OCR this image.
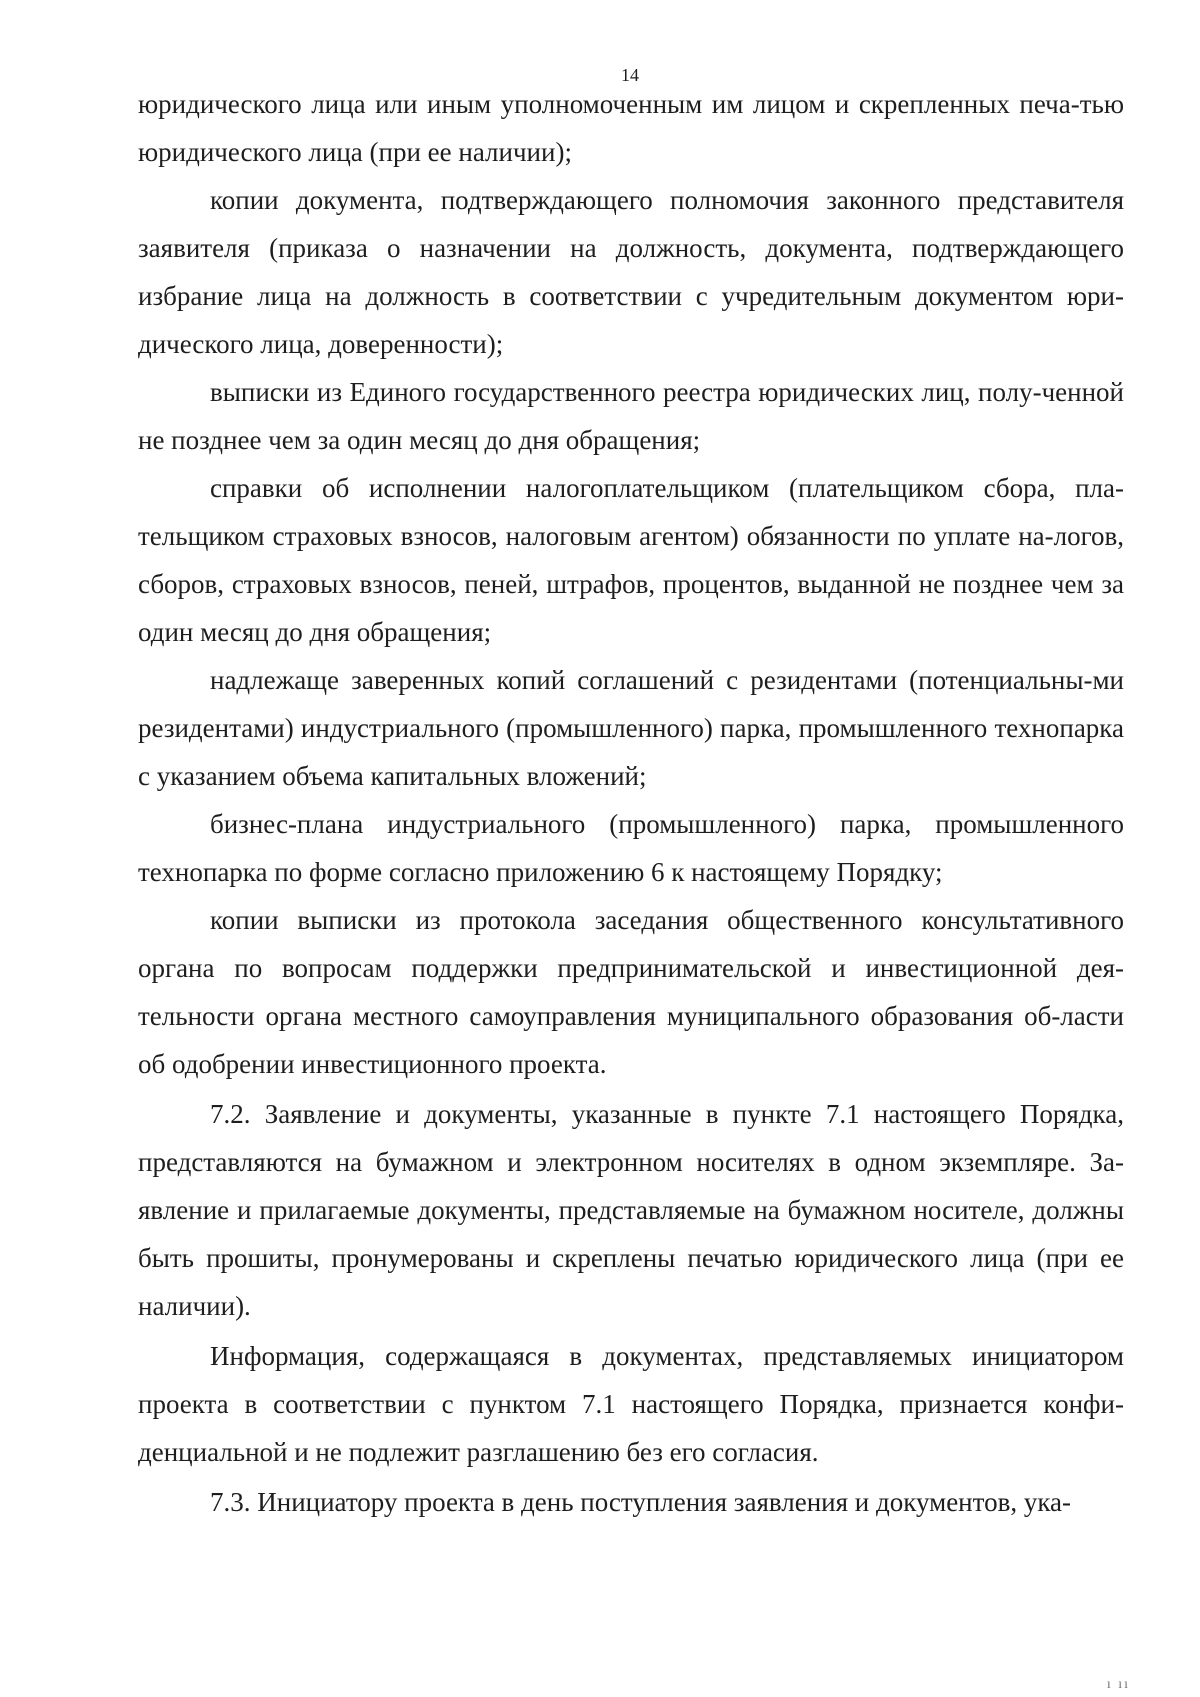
14

юридического лица или иным уполномоченным им лицом и скрепленных печа-тью юридического лица (при ее наличии);

копии документа, подтверждающего полномочия законного представителя заявителя (приказа о назначении на должность, документа, подтверждающего избрание лица на должность в соответствии с учредительным документом юри-дического лица, доверенности);

выписки из Единого государственного реестра юридических лиц, полу-ченной не позднее чем за один месяц до дня обращения;

справки об исполнении налогоплательщиком (плательщиком сбора, пла-тельщиком страховых взносов, налоговым агентом) обязанности по уплате на-логов, сборов, страховых взносов, пеней, штрафов, процентов, выданной не позднее чем за один месяц до дня обращения;

надлежаще заверенных копий соглашений с резидентами (потенциальны-ми резидентами) индустриального (промышленного) парка, промышленного технопарка с указанием объема капитальных вложений;

бизнес-плана индустриального (промышленного) парка, промышленного технопарка по форме согласно приложению 6 к настоящему Порядку;

копии выписки из протокола заседания общественного консультативного органа по вопросам поддержки предпринимательской и инвестиционной дея-тельности органа местного самоуправления муниципального образования об-ласти об одобрении инвестиционного проекта.

7.2. Заявление и документы, указанные в пункте 7.1 настоящего Порядка, представляются на бумажном и электронном носителях в одном экземпляре. За-явление и прилагаемые документы, представляемые на бумажном носителе, должны быть прошиты, пронумерованы и скреплены печатью юридического лица (при ее наличии).

Информация, содержащаяся в документах, представляемых инициатором проекта в соответствии с пунктом 7.1 настоящего Порядка, признается конфи-денциальной и не подлежит разглашению без его согласия.

7.3. Инициатору проекта в день поступления заявления и документов, ука-

ı ıı
